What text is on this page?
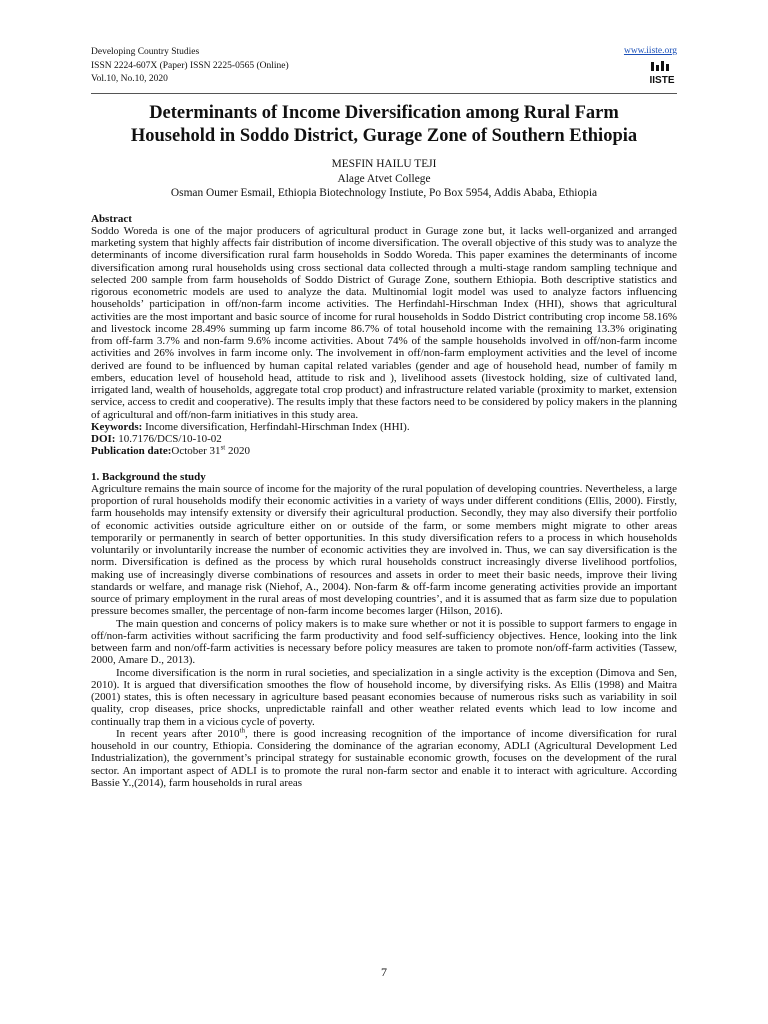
Developing Country Studies
ISSN 2224-607X (Paper) ISSN 2225-0565 (Online)
Vol.10, No.10, 2020
www.iiste.org
IISTE
Determinants of Income Diversification among Rural Farm
Household in Soddo District, Gurage Zone of Southern Ethiopia
MESFIN HAILU TEJI
Alage Atvet College
Osman Oumer Esmail, Ethiopia Biotechnology Instiute, Po Box 5954, Addis Ababa, Ethiopia
Abstract

Soddo Woreda is one of the major producers of agricultural product in Gurage zone but, it lacks well-organized and arranged marketing system that highly affects fair distribution of income diversification. The overall objective of this study was to analyze the determinants of income diversification rural farm households in Soddo Woreda. This paper examines the determinants of income diversification among rural households using cross sectional data collected through a multi-stage random sampling technique and selected 200 sample from farm households of Soddo District of Gurage Zone, southern Ethiopia. Both descriptive statistics and rigorous econometric models are used to analyze the data. Multinomial logit model was used to analyze factors influencing households’ participation in off/non-farm income activities. The Herfindahl-Hirschman Index (HHI), shows that agricultural activities are the most important and basic source of income for rural households in Soddo District contributing crop income 58.16% and livestock income 28.49% summing up farm income 86.7% of total household income with the remaining 13.3% originating from off-farm 3.7% and non-farm 9.6% income activities. About 74% of the sample households involved in off/non-farm income activities and 26% involves in farm income only. The involvement in off/non-farm employment activities and the level of income derived are found to be influenced by human capital related variables (gender and age of household head, number of family m embers, education level of household head, attitude to risk and ), livelihood assets (livestock holding, size of cultivated land, irrigated land, wealth of households, aggregate total crop product) and infrastructure related variable (proximity to market, extension service, access to credit and cooperative). The results imply that these factors need to be considered by policy makers in the planning of agricultural and off/non-farm initiatives in this study area.

Keywords: Income diversification, Herfindahl-Hirschman Index (HHI).
DOI: 10.7176/DCS/10-10-02
Publication date:October 31st 2020
1. Background the study

Agriculture remains the main source of income for the majority of the rural population of developing countries. Nevertheless, a large proportion of rural households modify their economic activities in a variety of ways under different conditions (Ellis, 2000). Firstly, farm households may intensify extensity or diversify their agricultural production. Secondly, they may also diversify their portfolio of economic activities outside agriculture either on or outside of the farm, or some members might migrate to other areas temporarily or permanently in search of better opportunities. In this study diversification refers to a process in which households voluntarily or involuntarily increase the number of economic activities they are involved in. Thus, we can say diversification is the norm. Diversification is defined as the process by which rural households construct increasingly diverse livelihood portfolios, making use of increasingly diverse combinations of resources and assets in order to meet their basic needs, improve their living standards or welfare, and manage risk (Niehof, A., 2004). Non-farm & off-farm income generating activities provide an important source of primary employment in the rural areas of most developing countries’, and it is assumed that as farm size due to population pressure becomes smaller, the percentage of non-farm income becomes larger (Hilson, 2016).

The main question and concerns of policy makers is to make sure whether or not it is possible to support farmers to engage in off/non-farm activities without sacrificing the farm productivity and food self-sufficiency objectives. Hence, looking into the link between farm and non/off-farm activities is necessary before policy measures are taken to promote non/off-farm activities (Tassew, 2000, Amare D., 2013).

Income diversification is the norm in rural societies, and specialization in a single activity is the exception (Dimova and Sen, 2010). It is argued that diversification smoothes the flow of household income, by diversifying risks. As Ellis (1998) and Maitra (2001) states, this is often necessary in agriculture based peasant economies because of numerous risks such as variability in soil quality, crop diseases, price shocks, unpredictable rainfall and other weather related events which lead to low income and continually trap them in a vicious cycle of poverty.

In recent years after 2010th, there is good increasing recognition of the importance of income diversification for rural household in our country, Ethiopia. Considering the dominance of the agrarian economy, ADLI (Agricultural Development Led Industrialization), the government’s principal strategy for sustainable economic growth, focuses on the development of the rural sector. An important aspect of ADLI is to promote the rural non-farm sector and enable it to interact with agriculture. According Bassie Y.,(2014), farm households in rural areas

7
